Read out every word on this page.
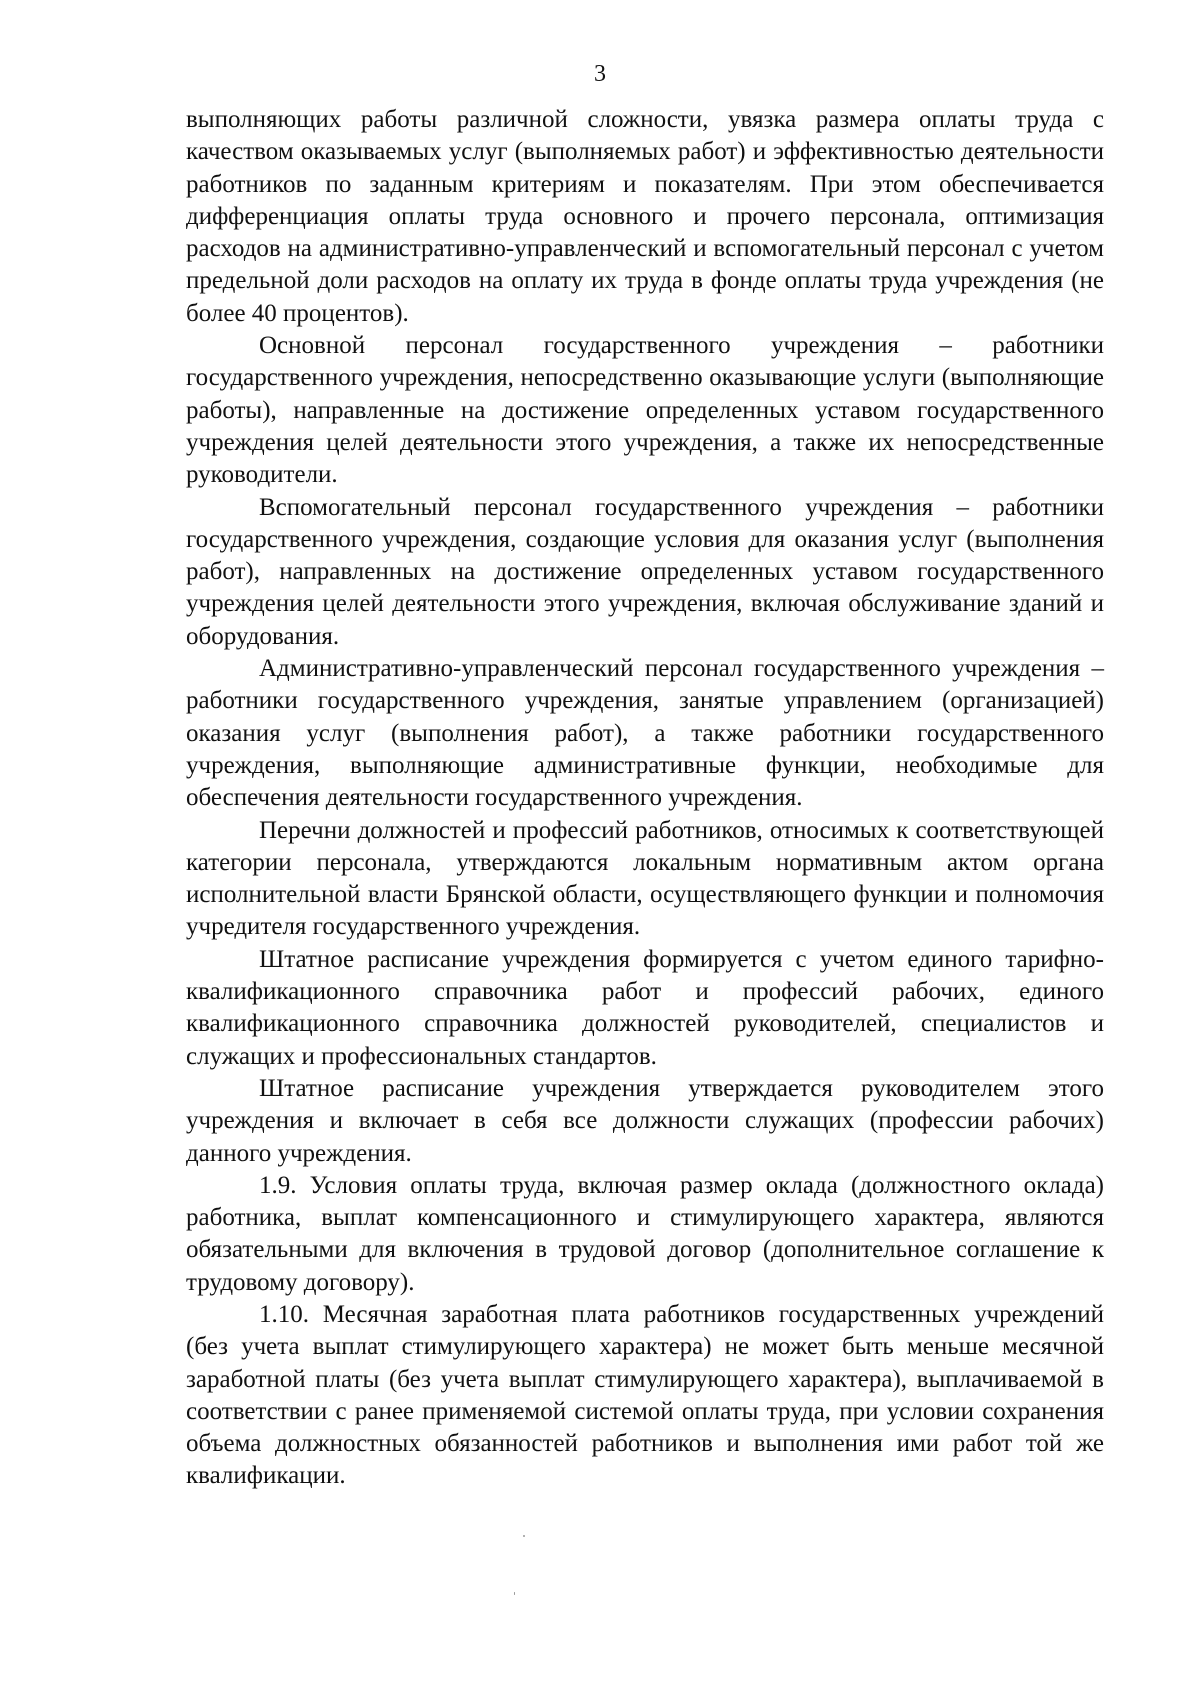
3

выполняющих работы различной сложности, увязка размера оплаты труда с качеством оказываемых услуг (выполняемых работ) и эффективностью деятельности работников по заданным критериям и показателям. При этом обеспечивается дифференциация оплаты труда основного и прочего персонала, оптимизация расходов на административно-управленческий и вспомогательный персонал с учетом предельной доли расходов на оплату их труда в фонде оплаты труда учреждения (не более 40 процентов).

Основной персонал государственного учреждения – работники государственного учреждения, непосредственно оказывающие услуги (выполняющие работы), направленные на достижение определенных уставом государственного учреждения целей деятельности этого учреждения, а также их непосредственные руководители.

Вспомогательный персонал государственного учреждения – работники государственного учреждения, создающие условия для оказания услуг (выполнения работ), направленных на достижение определенных уставом государственного учреждения целей деятельности этого учреждения, включая обслуживание зданий и оборудования.

Административно-управленческий персонал государственного учреждения – работники государственного учреждения, занятые управлением (организацией) оказания услуг (выполнения работ), а также работники государственного учреждения, выполняющие административные функции, необходимые для обеспечения деятельности государственного учреждения.

Перечни должностей и профессий работников, относимых к соответствующей категории персонала, утверждаются локальным нормативным актом органа исполнительной власти Брянской области, осуществляющего функции и полномочия учредителя государственного учреждения.

Штатное расписание учреждения формируется с учетом единого тарифно-квалификационного справочника работ и профессий рабочих, единого квалификационного справочника должностей руководителей, специалистов и служащих и профессиональных стандартов.

Штатное расписание учреждения утверждается руководителем этого учреждения и включает в себя все должности служащих (профессии рабочих) данного учреждения.

1.9. Условия оплаты труда, включая размер оклада (должностного оклада) работника, выплат компенсационного и стимулирующего характера, являются обязательными для включения в трудовой договор (дополнительное соглашение к трудовому договору).

1.10. Месячная заработная плата работников государственных учреждений (без учета выплат стимулирующего характера) не может быть меньше месячной заработной платы (без учета выплат стимулирующего характера), выплачиваемой в соответствии с ранее применяемой системой оплаты труда, при условии сохранения объема должностных обязанностей работников и выполнения ими работ той же квалификации.
